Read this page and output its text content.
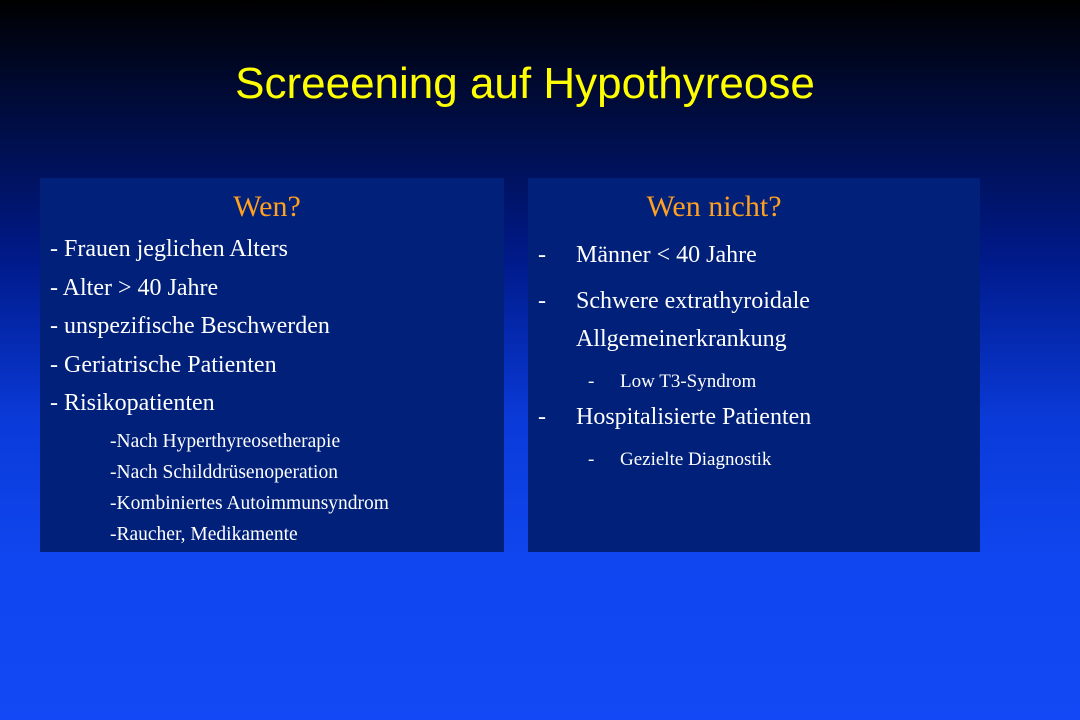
Screeening auf Hypothyreose
Wen?
- Frauen jeglichen Alters
- Alter > 40 Jahre
- unspezifische Beschwerden
- Geriatrische Patienten
- Risikopatienten
-Nach Hyperthyreosetherapie
-Nach Schilddrüsenoperation
-Kombiniertes Autoimmunsyndrom
-Raucher, Medikamente
Wen nicht?
- Männer < 40 Jahre
- Schwere extrathyroidale Allgemeinerkrankung
- Low T3-Syndrom
- Hospitalisierte Patienten
- Gezielte Diagnostik
